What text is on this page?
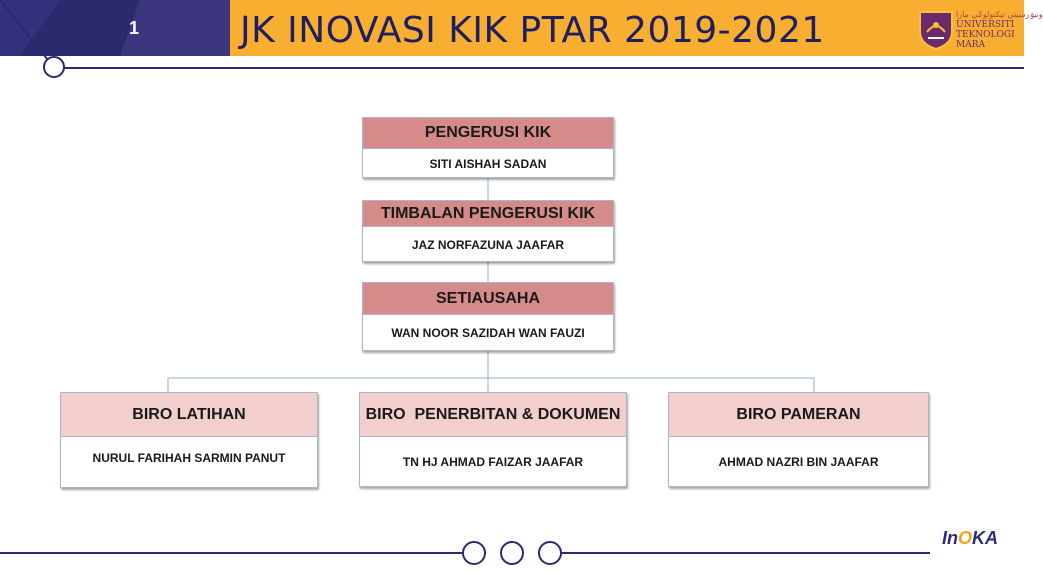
1	JK INOVASI KIK PTAR 2019-2021	ونيۏرسيتي تيكنولوݢي مارا
UNIVERSITI
TEKNOLOGI
MARA
PENGERUSI KIK
SITI AISHAH SADAN
TIMBALAN PENGERUSI KIK
JAZ NORFAZUNA JAAFAR
SETIAUSAHA
WAN NOOR SAZIDAH WAN FAUZI
BIRO LATIHAN
NURUL FARIHAH SARMIN PANUT
BIRO  PENERBITAN & DOKUMEN
TN HJ AHMAD FAIZAR JAAFAR
BIRO PAMERAN
AHMAD NAZRI BIN JAAFAR
InOKA
